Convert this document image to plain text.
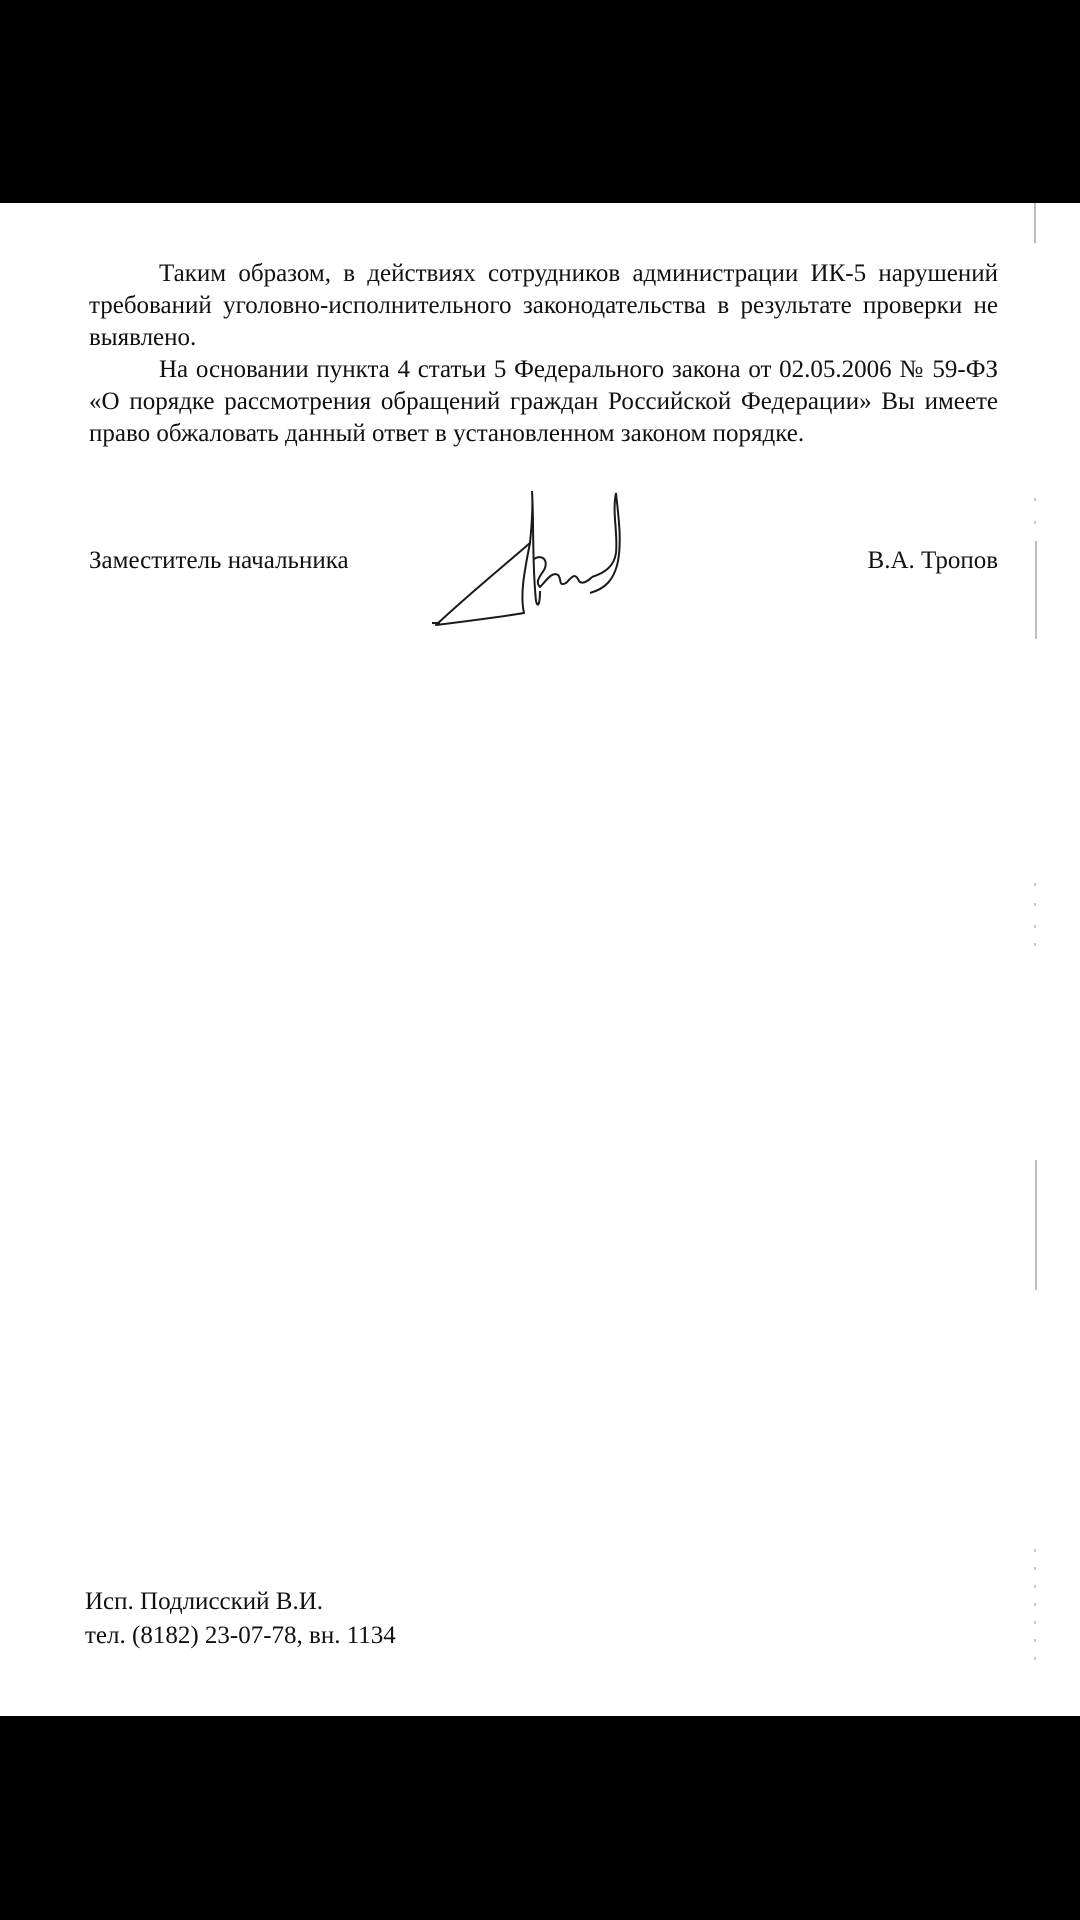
Таким образом, в действиях сотрудников администрации ИК-5 нарушений требований уголовно-исполнительного законодательства в результате проверки не выявлено.

На основании пункта 4 статьи 5 Федерального закона от 02.05.2006 № 59-ФЗ «О порядке рассмотрения обращений граждан Российской Федерации» Вы имеете право обжаловать данный ответ в установленном законом порядке.

Заместитель начальника	В.А. Тропов
Исп. Подлисский В.И.
тел. (8182) 23-07-78, вн. 1134
